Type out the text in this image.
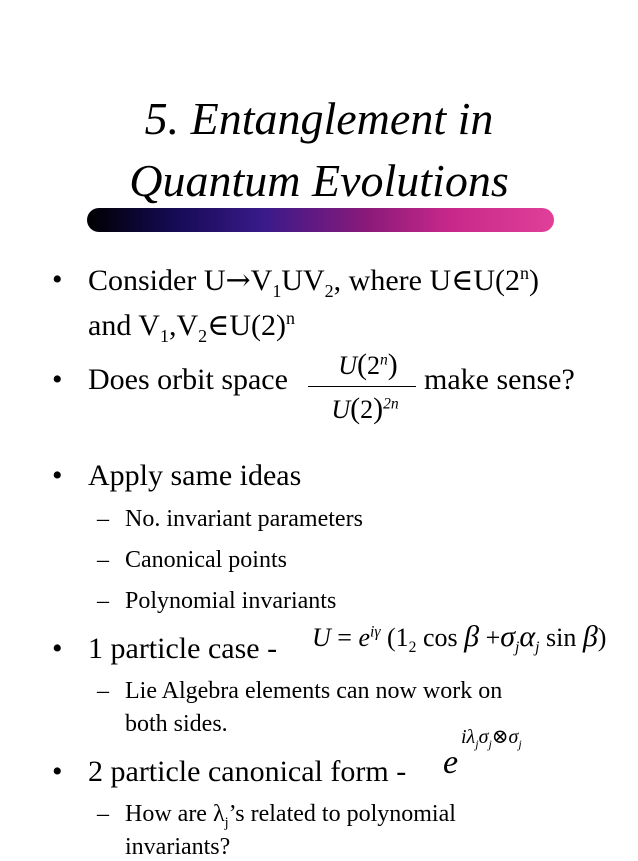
5. Entanglement in
Quantum Evolutions
• Consider $U\to V_1UV_2$, where U∈U(2$^n$)
and $V_1,V_2\in U(2)^n$
• Does orbit space	make sense?
U(2$^n$)
$U(2)^{2n}$
• Apply same ideas
– No. invariant parameters
– Canonical points
– Polynomial invariants
• 1 particle case - $U = e^{i\gamma}$ ($1_2$ $\cos \beta +\sigma_j\alpha_j$ sin β)
– Lie Algebra elements can now work on
both sides.
• 2 particle canonical form - e
$i\lambda_j\sigma_j\otimes\sigma_j$
– How are $\lambda_j’s$ related to polynomial
invariants?
